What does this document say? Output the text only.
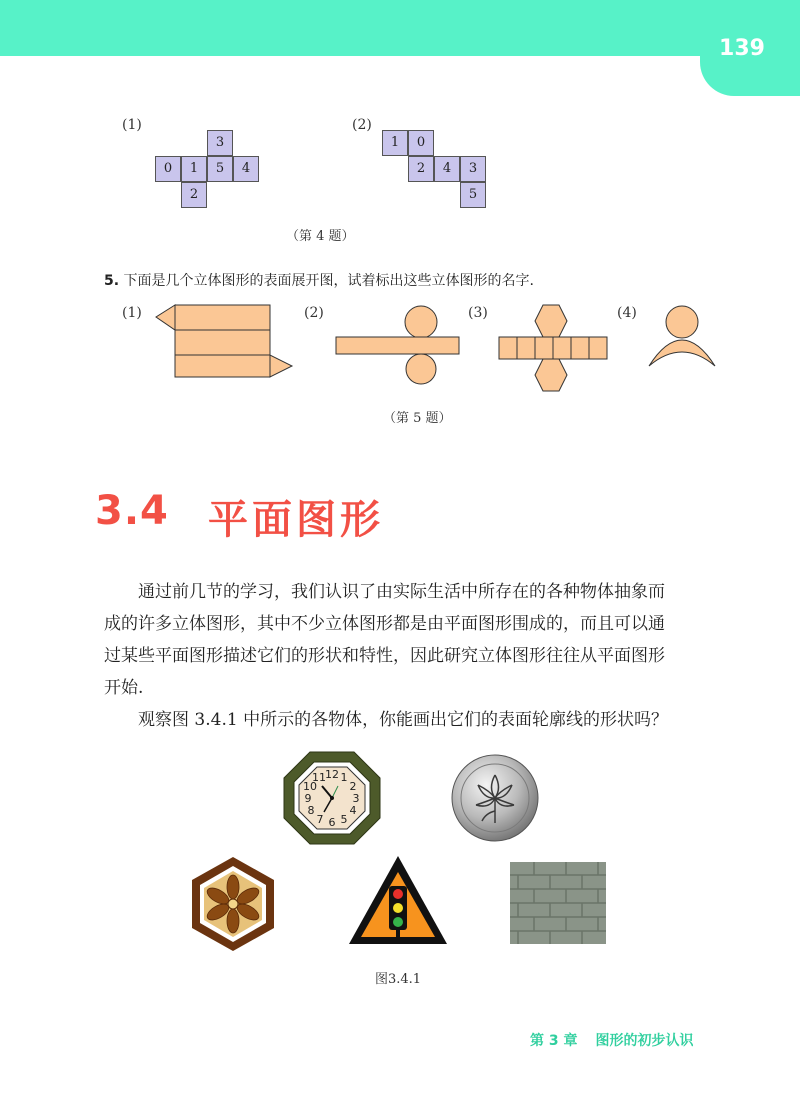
139
(1)	(2)
3
0	1	5	4
2
1	0
2	4	3
5
（第 4 题）
5. 下面是几个立体图形的表面展开图，试着标出这些立体图形的名字.
(1)	(2)	(3)	(4)
（第 5 题）
3.4 平面图形
通过前几节的学习，我们认识了由实际生活中所存在的各种物体抽象而
成的许多立体图形，其中不少立体图形都是由平面图形围成的，而且可以通
过某些平面图形描述它们的形状和特性，因此研究立体图形往往从平面图形
开始.
观察图 3.4.1 中所示的各物体，你能画出它们的表面轮廓线的形状吗？
12 1
2
3
4
5
6
7
8
9
10
11
图3.4.1
第 3 章 图形的初步认识
